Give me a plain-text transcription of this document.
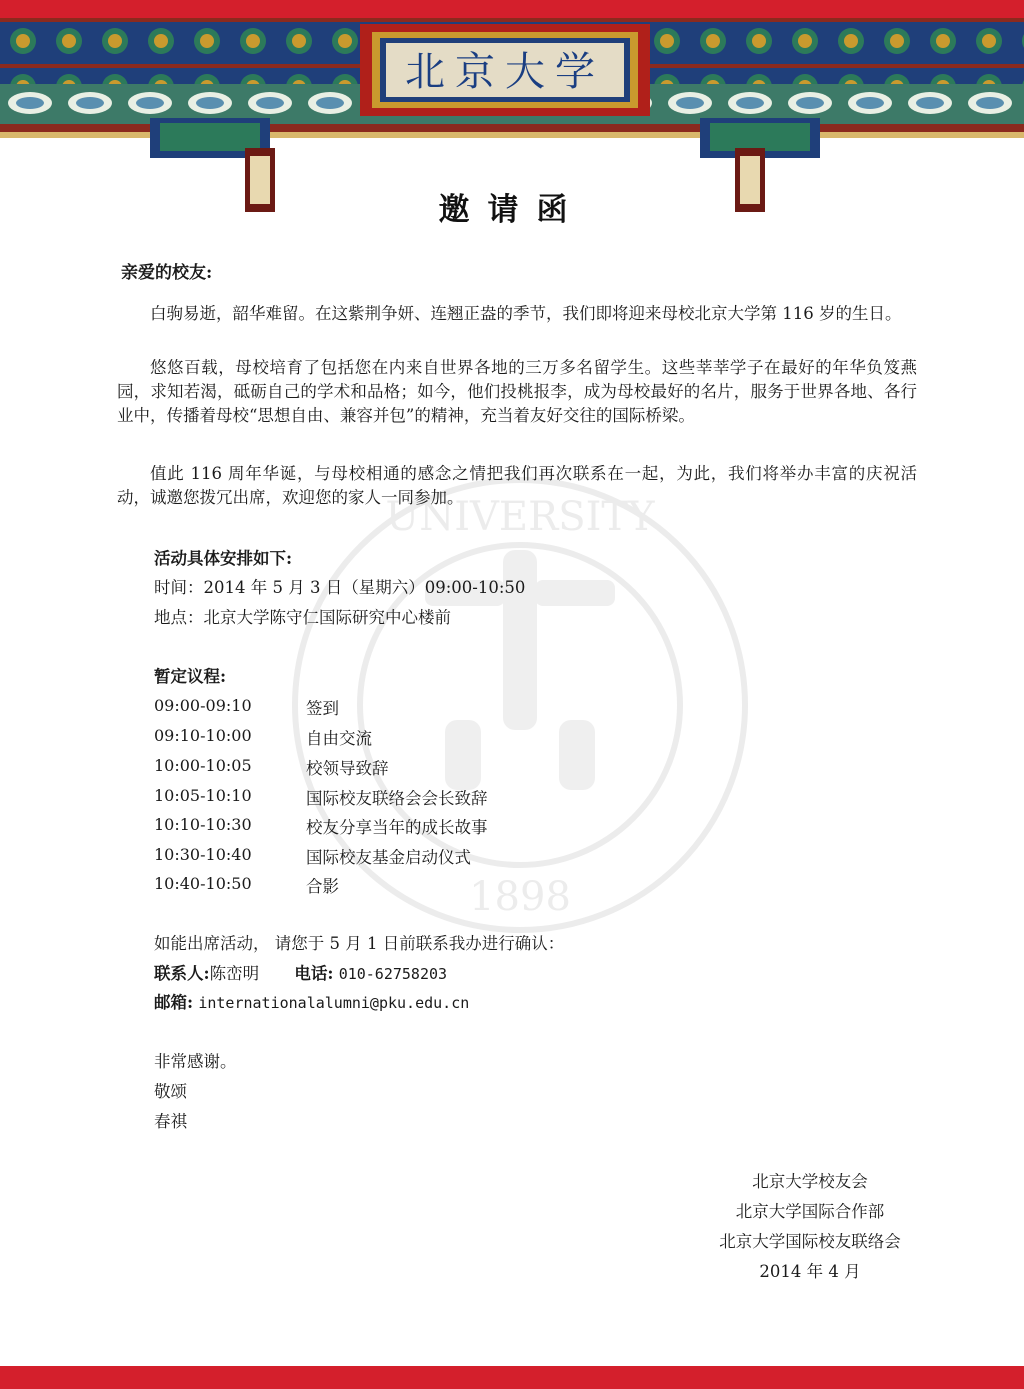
北京大学
UNIVERSITY
1898
邀请函
亲爱的校友:
白驹易逝，韶华难留。在这紫荆争妍、连翘正盎的季节，我们即将迎来母校北京大学第 116 岁的生日。
悠悠百载，母校培育了包括您在内来自世界各地的三万多名留学生。这些莘莘学子在最好的年华负笈燕园，求知若渴，砥砺自己的学术和品格；如今，他们投桃报李，成为母校最好的名片，服务于世界各地、各行业中，传播着母校“思想自由、兼容并包”的精神，充当着友好交往的国际桥梁。
值此 116 周年华诞，与母校相通的感念之情把我们再次联系在一起，为此，我们将举办丰富的庆祝活动，诚邀您拨冗出席，欢迎您的家人一同参加。
活动具体安排如下:
时间：2014 年 5 月 3 日（星期六）09:00-10:50
地点：北京大学陈守仁国际研究中心楼前
暂定议程:
09:00-09:10	签到
09:10-10:00	自由交流
10:00-10:05	校领导致辞
10:05-10:10	国际校友联络会会长致辞
10:10-10:30	校友分享当年的成长故事
10:30-10:40	国际校友基金启动仪式
10:40-10:50	合影
如能出席活动， 请您于 5 月 1 日前联系我办进行确认：
联系人:陈峦明 电话: 010-62758203
邮箱: internationalalumni@pku.edu.cn
非常感谢。
敬颂
春祺
北京大学校友会
北京大学国际合作部
北京大学国际校友联络会
2014 年 4 月
